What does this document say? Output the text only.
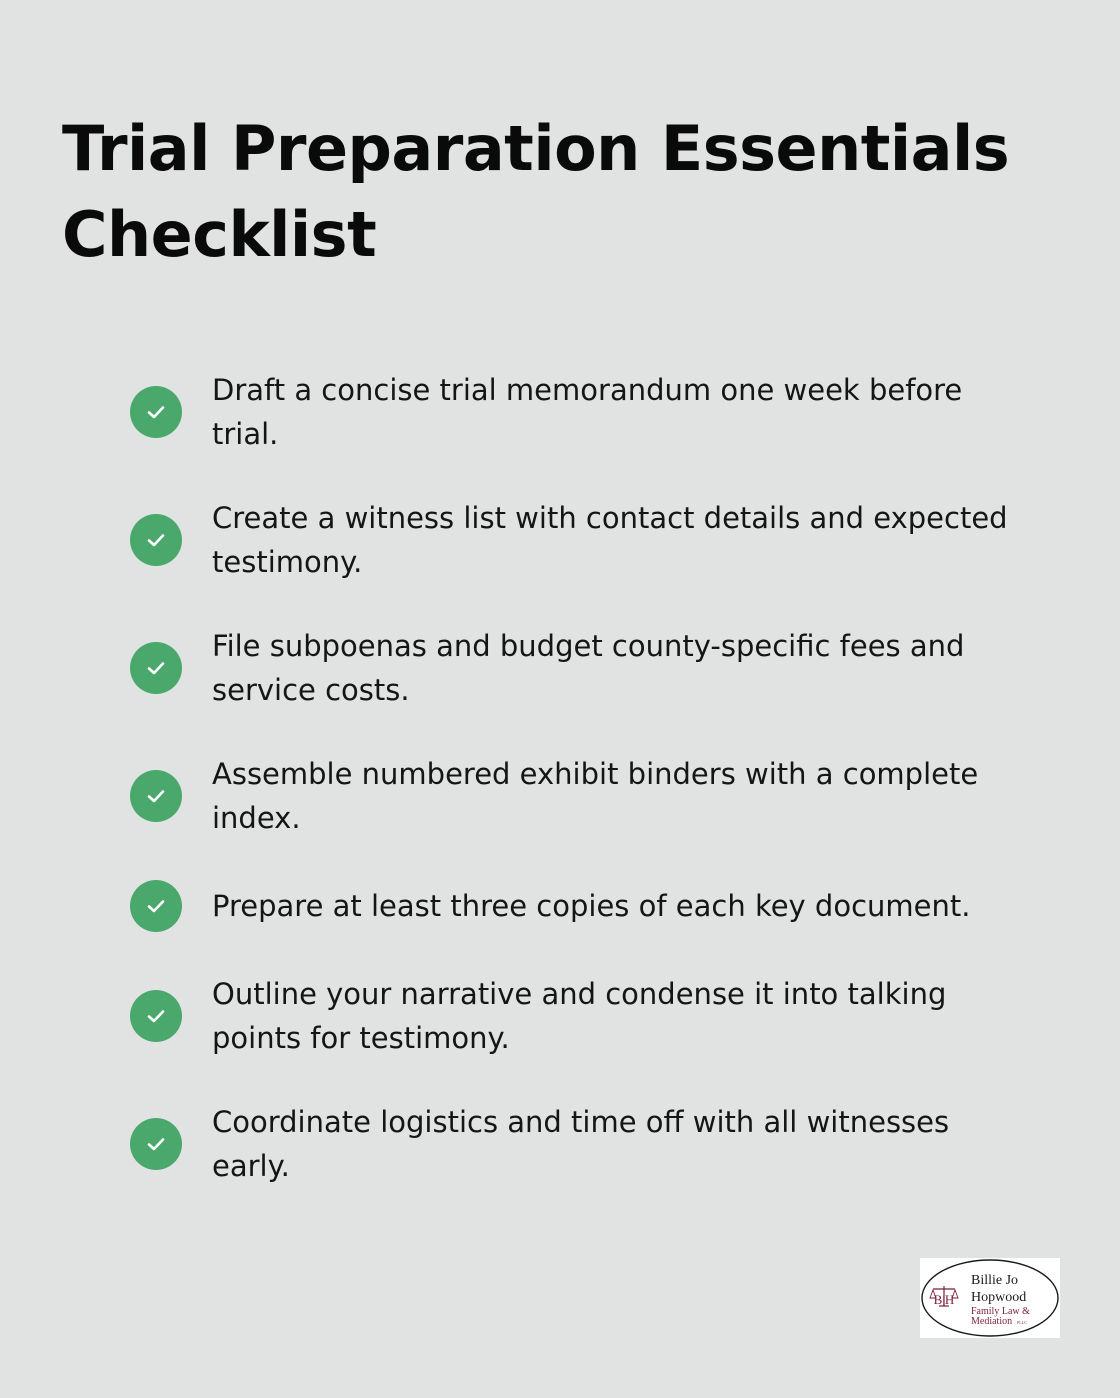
Trial Preparation Essentials Checklist
Draft a concise trial memorandum one week before trial.
Create a witness list with contact details and expected testimony.
File subpoenas and budget county-specific fees and service costs.
Assemble numbered exhibit binders with a complete index.
Prepare at least three copies of each key document.
Outline your narrative and condense it into talking points for testimony.
Coordinate logistics and time off with all witnesses early.
B|H
Billie Jo
Hopwood
Family Law &
Mediation PLLC
